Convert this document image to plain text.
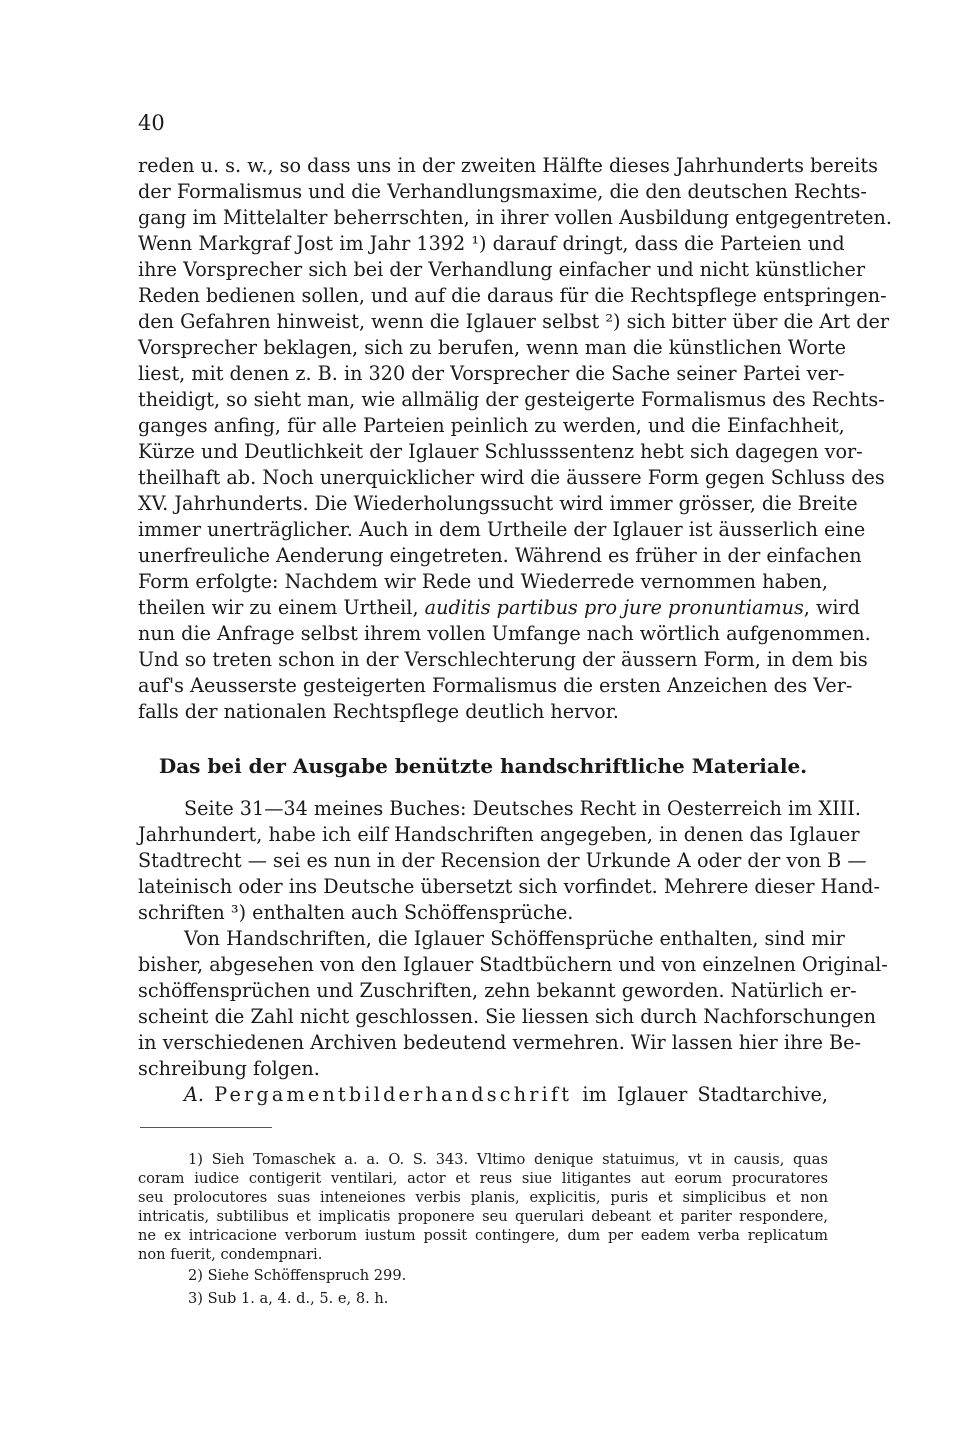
40
reden u. s. w., so dass uns in der zweiten Hälfte dieses Jahrhunderts bereits
der Formalismus und die Verhandlungsmaxime, die den deutschen Rechts-
gang im Mittelalter beherrschten, in ihrer vollen Ausbildung entgegentreten.
Wenn Markgraf Jost im Jahr 1392 ¹) darauf dringt, dass die Parteien und
ihre Vorsprecher sich bei der Verhandlung einfacher und nicht künstlicher
Reden bedienen sollen, und auf die daraus für die Rechtspflege entspringen-
den Gefahren hinweist, wenn die Iglauer selbst ²) sich bitter über die Art der
Vorsprecher beklagen, sich zu berufen, wenn man die künstlichen Worte
liest, mit denen z. B. in 320 der Vorsprecher die Sache seiner Partei ver-
theidigt, so sieht man, wie allmälig der gesteigerte Formalismus des Rechts-
ganges anfing, für alle Parteien peinlich zu werden, und die Einfachheit,
Kürze und Deutlichkeit der Iglauer Schlusssentenz hebt sich dagegen vor-
theilhaft ab. Noch unerquicklicher wird die äussere Form gegen Schluss des
XV. Jahrhunderts. Die Wiederholungssucht wird immer grösser, die Breite
immer unerträglicher. Auch in dem Urtheile der Iglauer ist äusserlich eine
unerfreuliche Aenderung eingetreten. Während es früher in der einfachen
Form erfolgte: Nachdem wir Rede und Wiederrede vernommen haben,
theilen wir zu einem Urtheil, auditis partibus pro jure pronuntiamus, wird
nun die Anfrage selbst ihrem vollen Umfange nach wörtlich aufgenommen.
Und so treten schon in der Verschlechterung der äussern Form, in dem bis
auf's Aeusserste gesteigerten Formalismus die ersten Anzeichen des Ver-
falls der nationalen Rechtspflege deutlich hervor.
Das bei der Ausgabe benützte handschriftliche Materiale.
Seite 31—34 meines Buches: Deutsches Recht in Oesterreich im XIII.
Jahrhundert, habe ich eilf Handschriften angegeben, in denen das Iglauer
Stadtrecht — sei es nun in der Recension der Urkunde A oder der von B —
lateinisch oder ins Deutsche übersetzt sich vorfindet. Mehrere dieser Hand-
schriften ³) enthalten auch Schöffensprüche.
Von Handschriften, die Iglauer Schöffensprüche enthalten, sind mir
bisher, abgesehen von den Iglauer Stadtbüchern und von einzelnen Original-
schöffensprüchen und Zuschriften, zehn bekannt geworden. Natürlich er-
scheint die Zahl nicht geschlossen. Sie liessen sich durch Nachforschungen
in verschiedenen Archiven bedeutend vermehren. Wir lassen hier ihre Be-
schreibung folgen.
A. Pergamentbilderhandschrift im Iglauer Stadtarchive,
1) Sieh Tomaschek a. a. O. S. 343. Vltimo denique statuimus, vt in causis, quas
coram iudice contigerit ventilari, actor et reus siue litigantes aut eorum procuratores
seu prolocutores suas inteneiones verbis planis, explicitis, puris et simplicibus et non
intricatis, subtilibus et implicatis proponere seu querulari debeant et pariter respondere,
ne ex intricacione verborum iustum possit contingere, dum per eadem verba replicatum
non fuerit, condempnari.
2) Siehe Schöffenspruch 299.
3) Sub 1. a, 4. d., 5. e, 8. h.
